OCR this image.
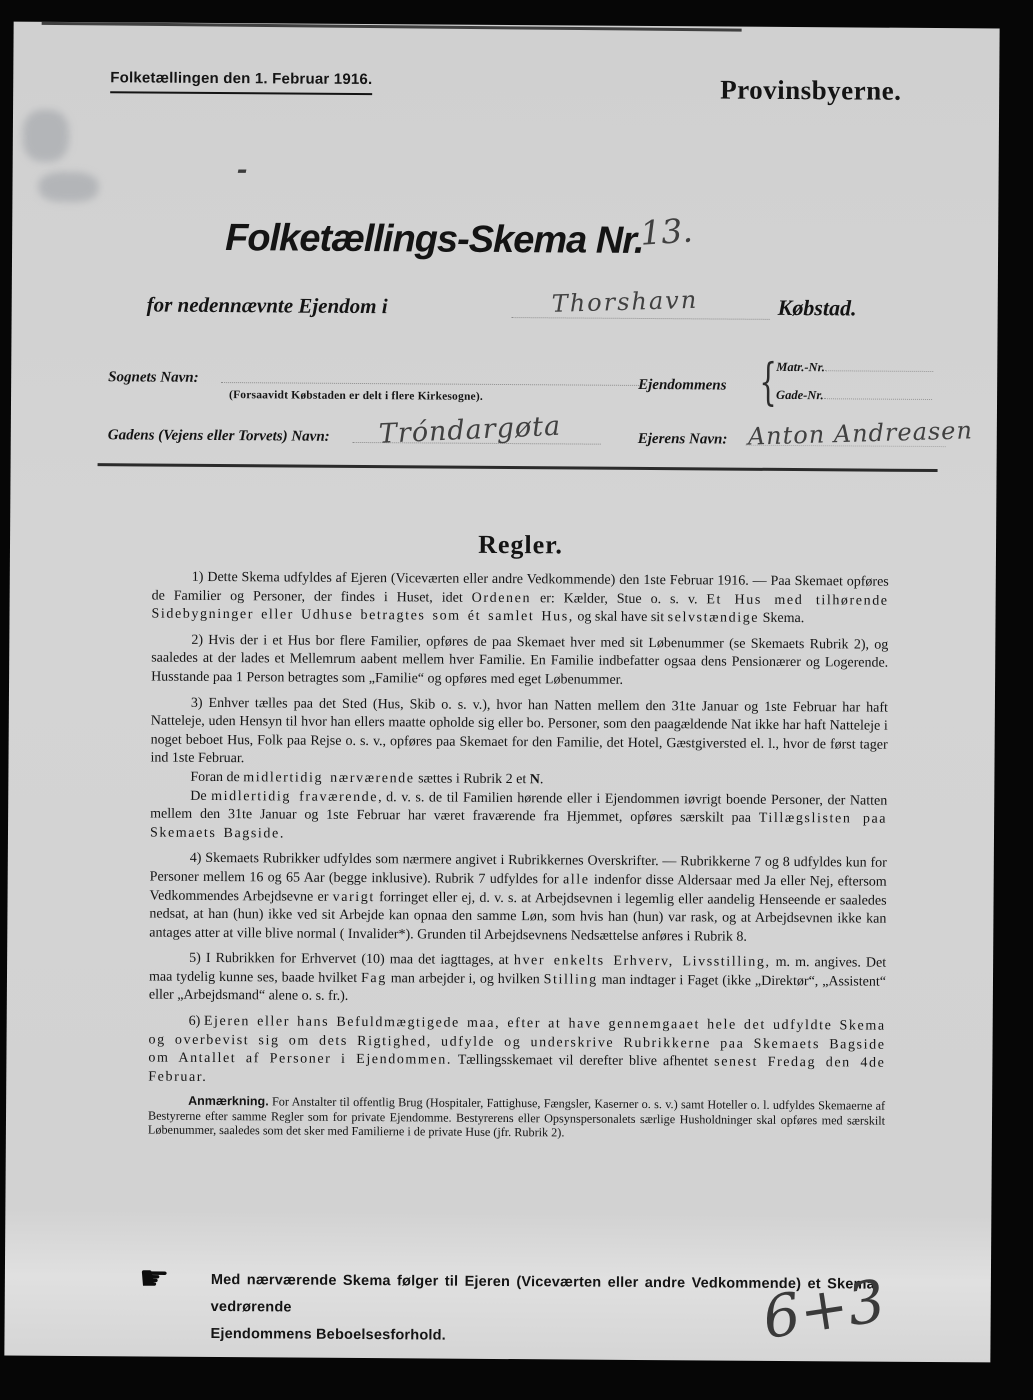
Folketællingen den 1. Februar 1916.	Provinsbyerne.
-
Folketællings-Skema Nr.
13.
for nedennævnte Ejendom i	Thorshavn	Købstad.
Sognets Navn:
(Forsaavidt Købstaden er delt i flere Kirkesogne).
Ejendommens { Matr.-Nr.
Gade-Nr.
Gadens (Vejens eller Torvets) Navn: Tróndargøta	Ejerens Navn: Anton Andreasen
Regler.

1) Dette Skema udfyldes af Ejeren (Viceværten eller andre Vedkommende) den 1ste Februar 1916. — Paa Skemaet opføres de Familier og Personer, der findes i Huset, idet Ordenen er: Kælder, Stue o. s. v. Et Hus med tilhørende Sidebygninger eller Udhuse betragtes som ét samlet Hus, og skal have sit selvstændige Skema.

2) Hvis der i et Hus bor flere Familier, opføres de paa Skemaet hver med sit Løbenummer (se Skemaets Rubrik 2), og saaledes at der lades et Mellemrum aabent mellem hver Familie. En Familie indbefatter ogsaa dens Pensionærer og Logerende. Husstande paa 1 Person betragtes som „Familie“ og opføres med eget Løbenummer.

3) Enhver tælles paa det Sted (Hus, Skib o. s. v.), hvor han Natten mellem den 31te Januar og 1ste Februar har haft Natteleje, uden Hensyn til hvor han ellers maatte opholde sig eller bo. Personer, som den paagældende Nat ikke har haft Natteleje i noget beboet Hus, Folk paa Rejse o. s. v., opføres paa Skemaet for den Familie, det Hotel, Gæstgiversted el. l., hvor de først tager ind 1ste Februar.

Foran de midlertidig nærværende sættes i Rubrik 2 et N.

De midlertidig fraværende, d. v. s. de til Familien hørende eller i Ejendommen iøvrigt boende Personer, der Natten mellem den 31te Januar og 1ste Februar har været fraværende fra Hjemmet, opføres særskilt paa Tillægslisten paa Skemaets Bagside.

4) Skemaets Rubrikker udfyldes som nærmere angivet i Rubrikkernes Overskrifter. — Rubrikkerne 7 og 8 udfyldes kun for Personer mellem 16 og 65 Aar (begge inklusive). Rubrik 7 udfyldes for alle indenfor disse Aldersaar med Ja eller Nej, eftersom Vedkommendes Arbejdsevne er varigt forringet eller ej, d. v. s. at Arbejdsevnen i legemlig eller aandelig Henseende er saaledes nedsat, at han (hun) ikke ved sit Arbejde kan opnaa den samme Løn, som hvis han (hun) var rask, og at Arbejdsevnen ikke kan antages atter at ville blive normal ( Invalider*). Grunden til Arbejdsevnens Nedsættelse anføres i Rubrik 8.

5) I Rubrikken for Erhvervet (10) maa det iagttages, at hver enkelts Erhverv, Livsstilling, m. m. angives. Det maa tydelig kunne ses, baade hvilket Fag man arbejder i, og hvilken Stilling man indtager i Faget (ikke „Direktør“, „Assistent“ eller „Arbejdsmand“ alene o. s. fr.).

6) Ejeren eller hans Befuldmægtigede maa, efter at have gennemgaaet hele det udfyldte Skema og overbevist sig om dets Rigtighed, udfylde og underskrive Rubrikkerne paa Skemaets Bagside om Antallet af Personer i Ejendommen. Tællingsskemaet vil derefter blive afhentet senest Fredag den 4de Februar.

Anmærkning. For Anstalter til offentlig Brug (Hospitaler, Fattighuse, Fængsler, Kaserner o. s. v.) samt Hoteller o. l. udfyldes Skemaerne af Bestyrerne efter samme Regler som for private Ejendomme. Bestyrerens eller Opsynspersonalets særlige Husholdninger skal opføres med særskilt Løbenummer, saaledes som det sker med Familierne i de private Huse (jfr. Rubrik 2).

☛	Med nærværende Skema følger til Ejeren (Viceværten eller andre Vedkommende) et Skema vedrørende
Ejendommens Beboelsesforhold.	6+3
